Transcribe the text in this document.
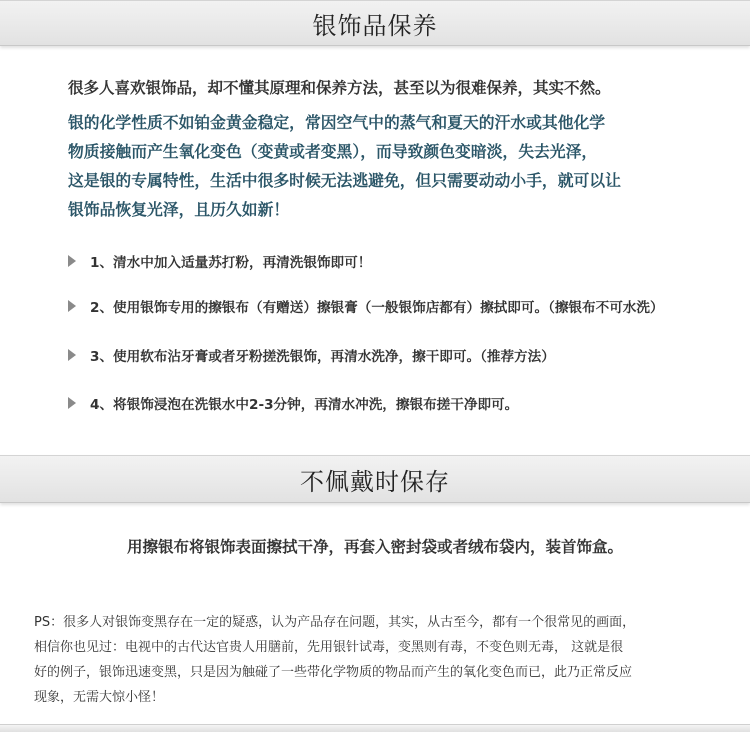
银饰品保养
很多人喜欢银饰品，却不懂其原理和保养方法，甚至以为很难保养，其实不然。
银的化学性质不如铂金黄金稳定，常因空气中的蒸气和夏天的汗水或其他化学
物质接触而产生氧化变色（变黄或者变黑），而导致颜色变暗淡，失去光泽，
这是银的专属特性，生活中很多时候无法逃避免，但只需要动动小手，就可以让
银饰品恢复光泽，且历久如新！
1、清水中加入适量苏打粉，再清洗银饰即可！
2、使用银饰专用的擦银布（有赠送）擦银膏（一般银饰店都有）擦拭即可。（擦银布不可水洗）
3、使用软布沾牙膏或者牙粉搓洗银饰，再清水洗净，擦干即可。（推荐方法）
4、将银饰浸泡在洗银水中2-3分钟，再清水冲洗，擦银布搓干净即可。
不佩戴时保存
用擦银布将银饰表面擦拭干净，再套入密封袋或者绒布袋内，装首饰盒。
PS：很多人对银饰变黑存在一定的疑惑，认为产品存在问题，其实，从古至今，都有一个很常见的画面，
相信你也见过：电视中的古代达官贵人用膳前，先用银针试毒，变黑则有毒，不变色则无毒， 这就是很
好的例子，银饰迅速变黑，只是因为触碰了一些带化学物质的物品而产生的氧化变色而已，此乃正常反应
现象，无需大惊小怪！
